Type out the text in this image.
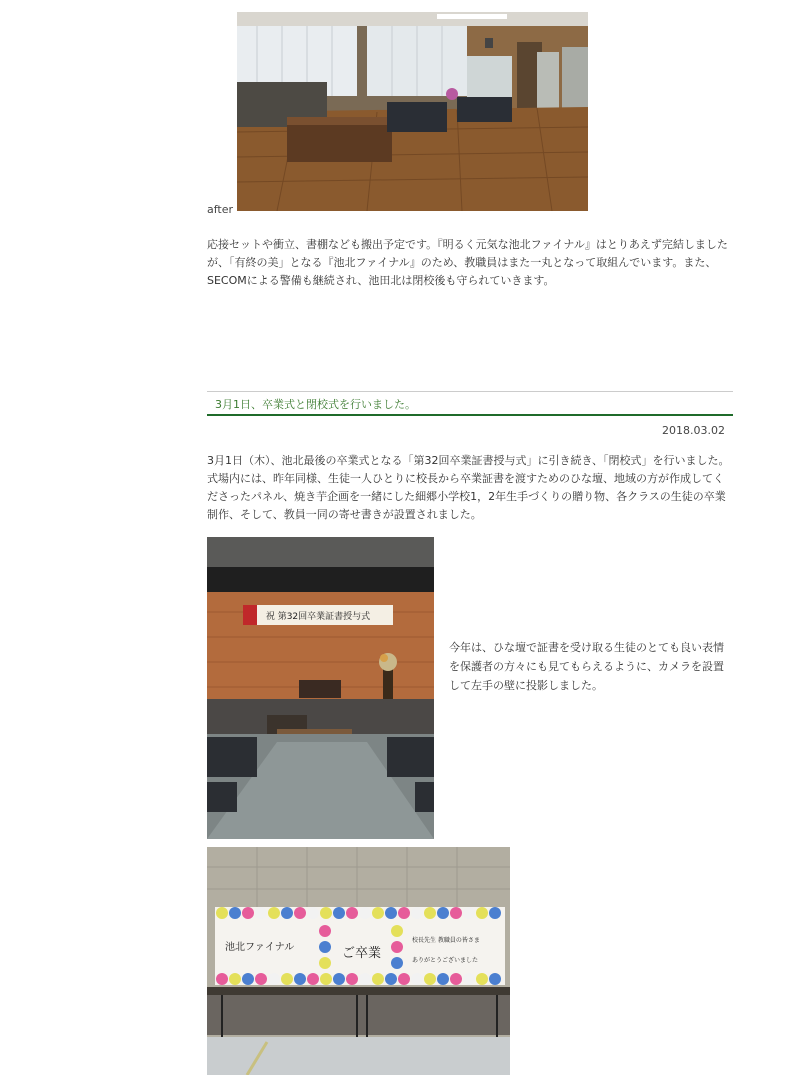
after

応接セットや衝立、書棚なども搬出予定です。『明るく元気な池北ファイナル』はとりあえず完結しましたが、「有終の美」となる『池北ファイナル』のため、教職員はまた一丸となって取組んでいます。また、SECOMによる警備も継続され、池田北は閉校後も守られていきます。

3月1日、卒業式と閉校式を行いました。
2018.03.02

3月1日（木）、池北最後の卒業式となる「第32回卒業証書授与式」に引き続き、「閉校式」を行いました。式場内には、昨年同様、生徒一人ひとりに校長から卒業証書を渡すためのひな壇、地域の方が作成してくださったパネル、焼き芋企画を一緒にした細郷小学校1，2年生手づくりの贈り物、各クラスの生徒の卒業制作、そして、教員一同の寄せ書きが設置されました。

祝 第32回卒業証書授与式

今年は、ひな壇で証書を受け取る生徒のとても良い表情を保護者の方々にも見てもらえるように、カメラを設置して左手の壁に投影しました。

池北ファイナル	ご卒業
校長先生 教職員の皆さま
ありがとうございました
